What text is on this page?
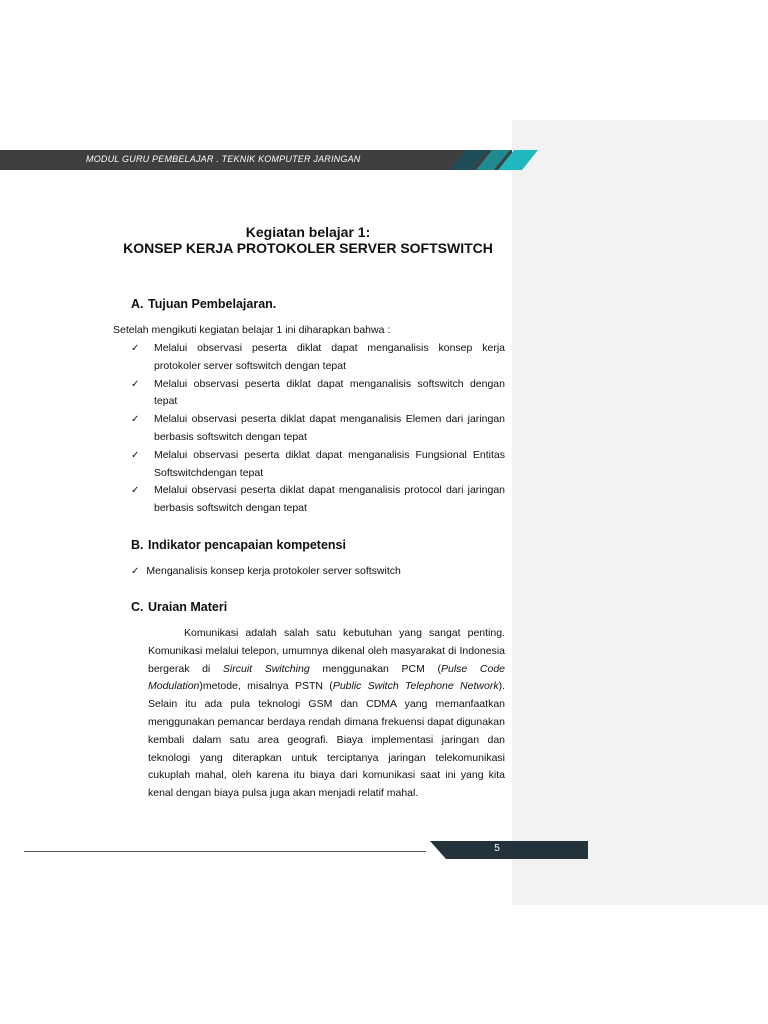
MODUL GURU PEMBELAJAR . TEKNIK KOMPUTER JARINGAN
Kegiatan belajar 1:
KONSEP KERJA PROTOKOLER SERVER SOFTSWITCH
A. Tujuan Pembelajaran.
Setelah mengikuti kegiatan belajar 1 ini diharapkan bahwa :
✓ Melalui observasi peserta diklat dapat menganalisis konsep kerja protokoler server softswitch dengan tepat
✓ Melalui observasi peserta diklat dapat menganalisis softswitch dengan tepat
✓ Melalui observasi peserta diklat dapat menganalisis Elemen dari jaringan berbasis softswitch dengan tepat
✓ Melalui observasi peserta diklat dapat menganalisis Fungsional Entitas Softswitchdengan tepat
✓ Melalui observasi peserta diklat dapat menganalisis protocol dari jaringan berbasis softswitch dengan tepat
B. Indikator pencapaian kompetensi
✓ Menganalisis konsep kerja protokoler server softswitch
C. Uraian Materi

Komunikasi adalah salah satu kebutuhan yang sangat penting. Komunikasi melalui telepon, umumnya dikenal oleh masyarakat di Indonesia bergerak di Sircuit Switching menggunakan PCM (Pulse Code Modulation)metode, misalnya PSTN (Public Switch Telephone Network). Selain itu ada pula teknologi GSM dan CDMA yang memanfaatkan menggunakan pemancar berdaya rendah dimana frekuensi dapat digunakan kembali dalam satu area geografi. Biaya implementasi jaringan dan teknologi yang diterapkan untuk terciptanya jaringan telekomunikasi cukuplah mahal, oleh karena itu biaya dari komunikasi saat ini yang kita kenal dengan biaya pulsa juga akan menjadi relatif mahal.

5
